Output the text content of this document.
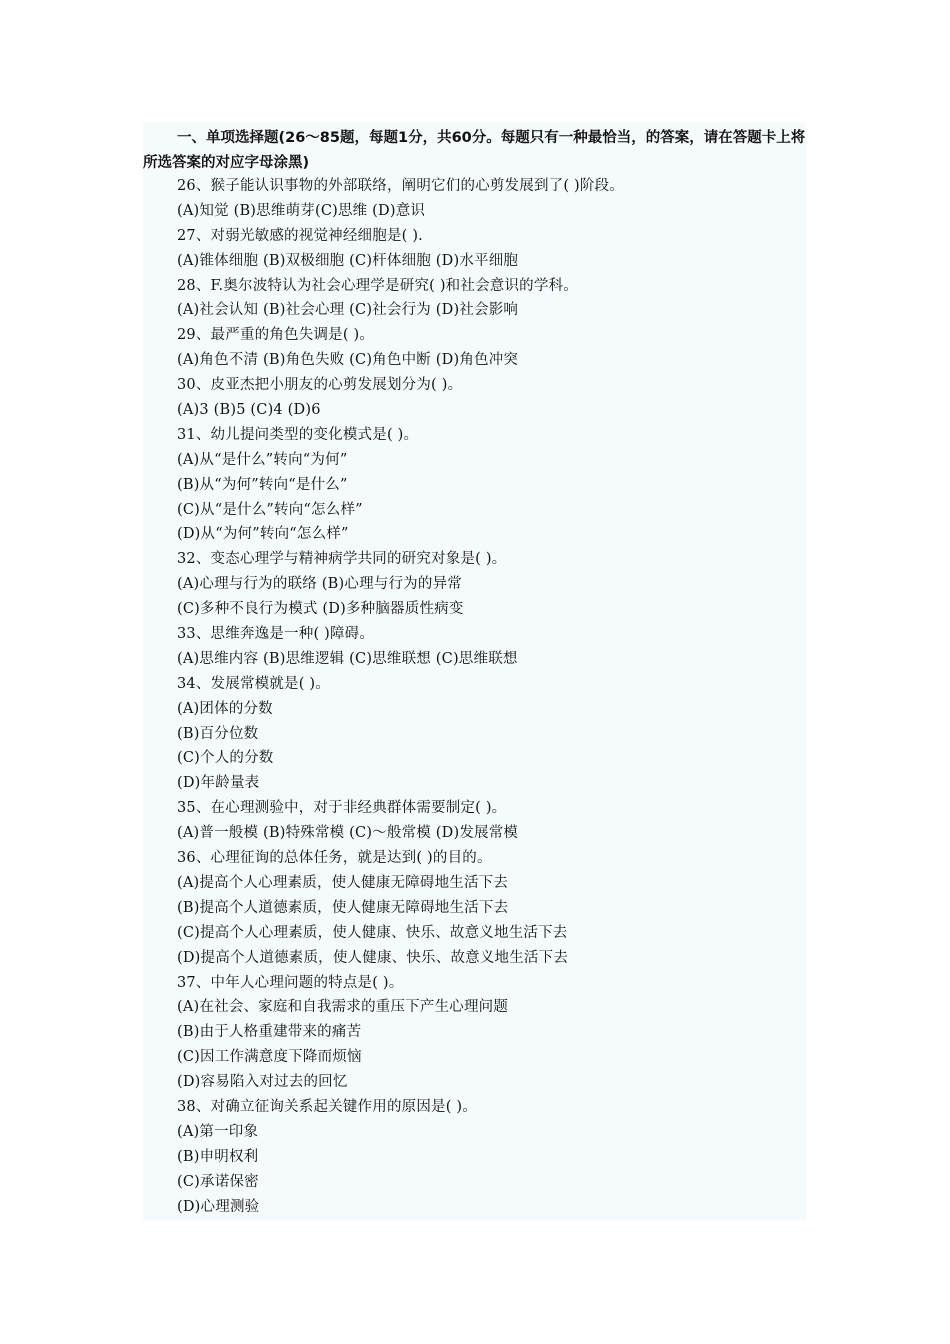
一、单项选择题(26～85题，每题1分，共60分。每题只有一种最恰当，的答案，请在答题卡上将所选答案的对应字母涂黑)

26、猴子能认识事物的外部联络，阐明它们的心剪发展到了( )阶段。
(A)知觉 (B)思维萌芽(C)思维 (D)意识
27、对弱光敏感的视觉神经细胞是( ).
(A)锥体细胞 (B)双极细胞 (C)杆体细胞 (D)水平细胞
28、F.奥尔波特认为社会心理学是研究( )和社会意识的学科。
(A)社会认知 (B)社会心理 (C)社会行为 (D)社会影响
29、最严重的角色失调是( )。
(A)角色不清 (B)角色失败 (C)角色中断 (D)角色冲突
30、皮亚杰把小朋友的心剪发展划分为( )。
(A)3 (B)5 (C)4 (D)6
31、幼儿提问类型的变化模式是( )。
(A)从“是什么”转向“为何”
(B)从“为何”转向“是什么”
(C)从“是什么”转向“怎么样”
(D)从“为何”转向“怎么样”
32、变态心理学与精神病学共同的研究对象是( )。
(A)心理与行为的联络 (B)心理与行为的异常
(C)多种不良行为模式 (D)多种脑器质性病变
33、思维奔逸是一种( )障碍。
(A)思维内容 (B)思维逻辑 (C)思维联想 (C)思维联想
34、发展常模就是( )。
(A)团体的分数
(B)百分位数
(C)个人的分数
(D)年龄量表
35、在心理测验中，对于非经典群体需要制定( )。
(A)普一般模 (B)特殊常模 (C)～般常模 (D)发展常模
36、心理征询的总体任务，就是达到( )的目的。
(A)提高个人心理素质，使人健康无障碍地生活下去
(B)提高个人道德素质，使人健康无障碍地生活下去
(C)提高个人心理素质，使人健康、快乐、故意义地生活下去
(D)提高个人道德素质，使人健康、快乐、故意义地生活下去
37、中年人心理问题的特点是( )。
(A)在社会、家庭和自我需求的重压下产生心理问题
(B)由于人格重建带来的痛苦
(C)因工作满意度下降而烦恼
(D)容易陷入对过去的回忆
38、对确立征询关系起关键作用的原因是( )。
(A)第一印象
(B)申明权利
(C)承诺保密
(D)心理测验
